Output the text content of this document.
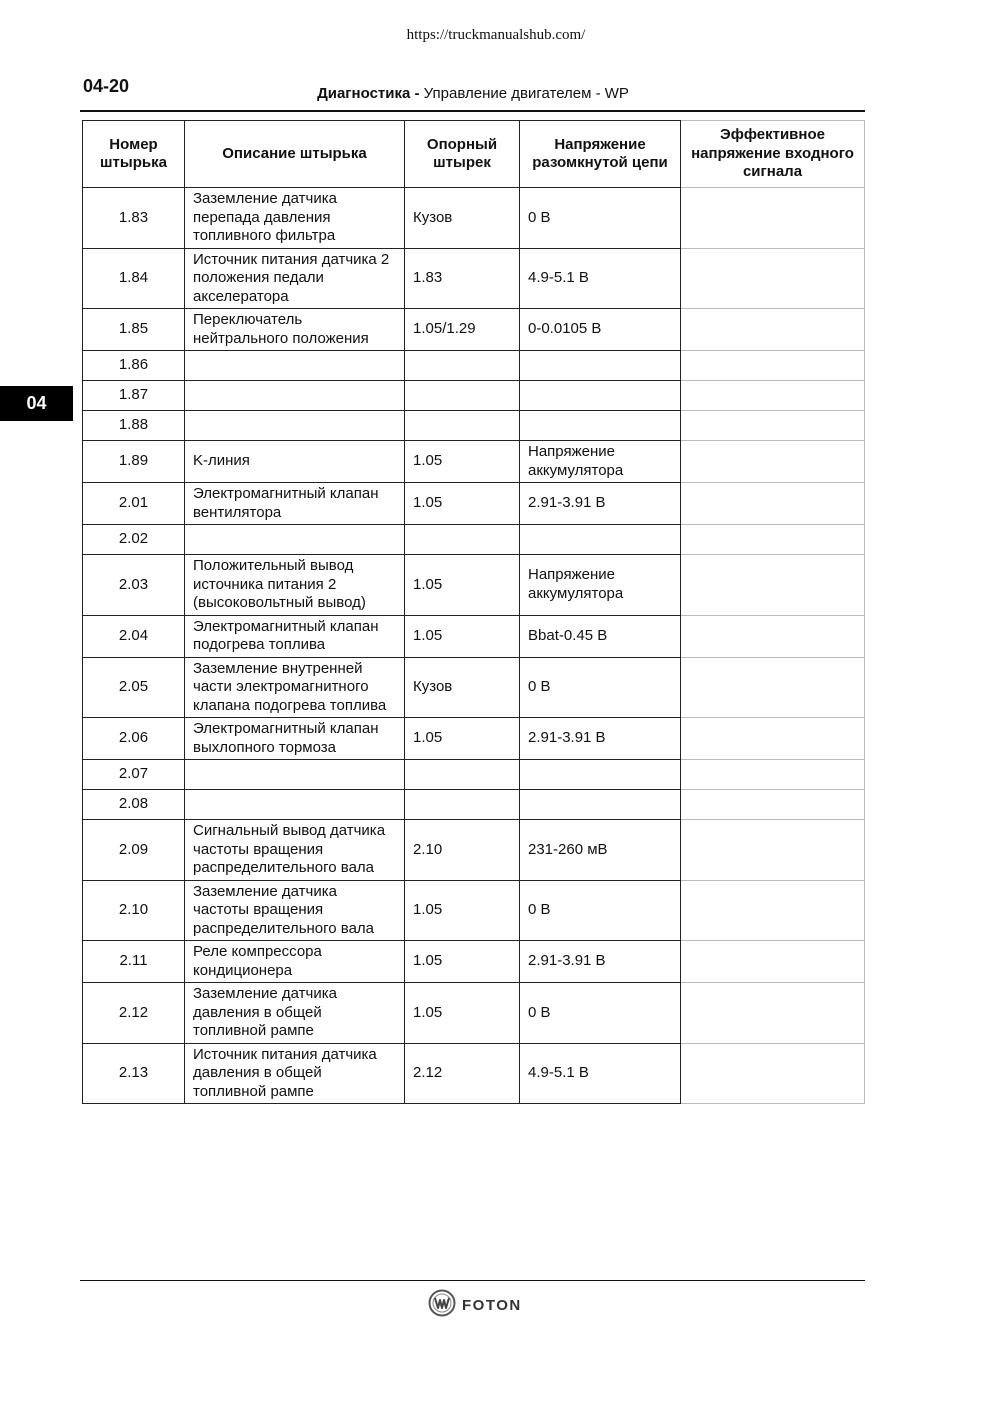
https://truckmanualshub.com/
04-20	Диагностика - Управление двигателем - WP
04
Номер штырька	Описание штырька	Опорный штырек	Напряжение разомкнутой цепи	Эффективное напряжение входного сигнала
1.83	Заземление датчика перепада давления топливного фильтра	Кузов	0 В	
1.84	Источник питания датчика 2 положения педали акселератора	1.83	4.9-5.1 В	
1.85	Переключатель нейтрального положения	1.05/1.29	0-0.0105 В	
1.86				
1.87				
1.88				
1.89	K-линия	1.05	Напряжение аккумулятора	
2.01	Электромагнитный клапан вентилятора	1.05	2.91-3.91 В	
2.02				
2.03	Положительный вывод источника питания 2 (высоковольтный вывод)	1.05	Напряжение аккумулятора	
2.04	Электромагнитный клапан подогрева топлива	1.05	Bbat-0.45 В	
2.05	Заземление внутренней части электромагнитного клапана подогрева топлива	Кузов	0 В	
2.06	Электромагнитный клапан выхлопного тормоза	1.05	2.91-3.91 В	
2.07				
2.08				
2.09	Сигнальный вывод датчика частоты вращения распределительного вала	2.10	231-260 мВ	
2.10	Заземление датчика частоты вращения распределительного вала	1.05	0 В	
2.11	Реле компрессора кондиционера	1.05	2.91-3.91 В	
2.12	Заземление датчика давления в общей топливной рампе	1.05	0 В	
2.13	Источник питания датчика давления в общей топливной рампе	2.12	4.9-5.1 В	
FOTON
